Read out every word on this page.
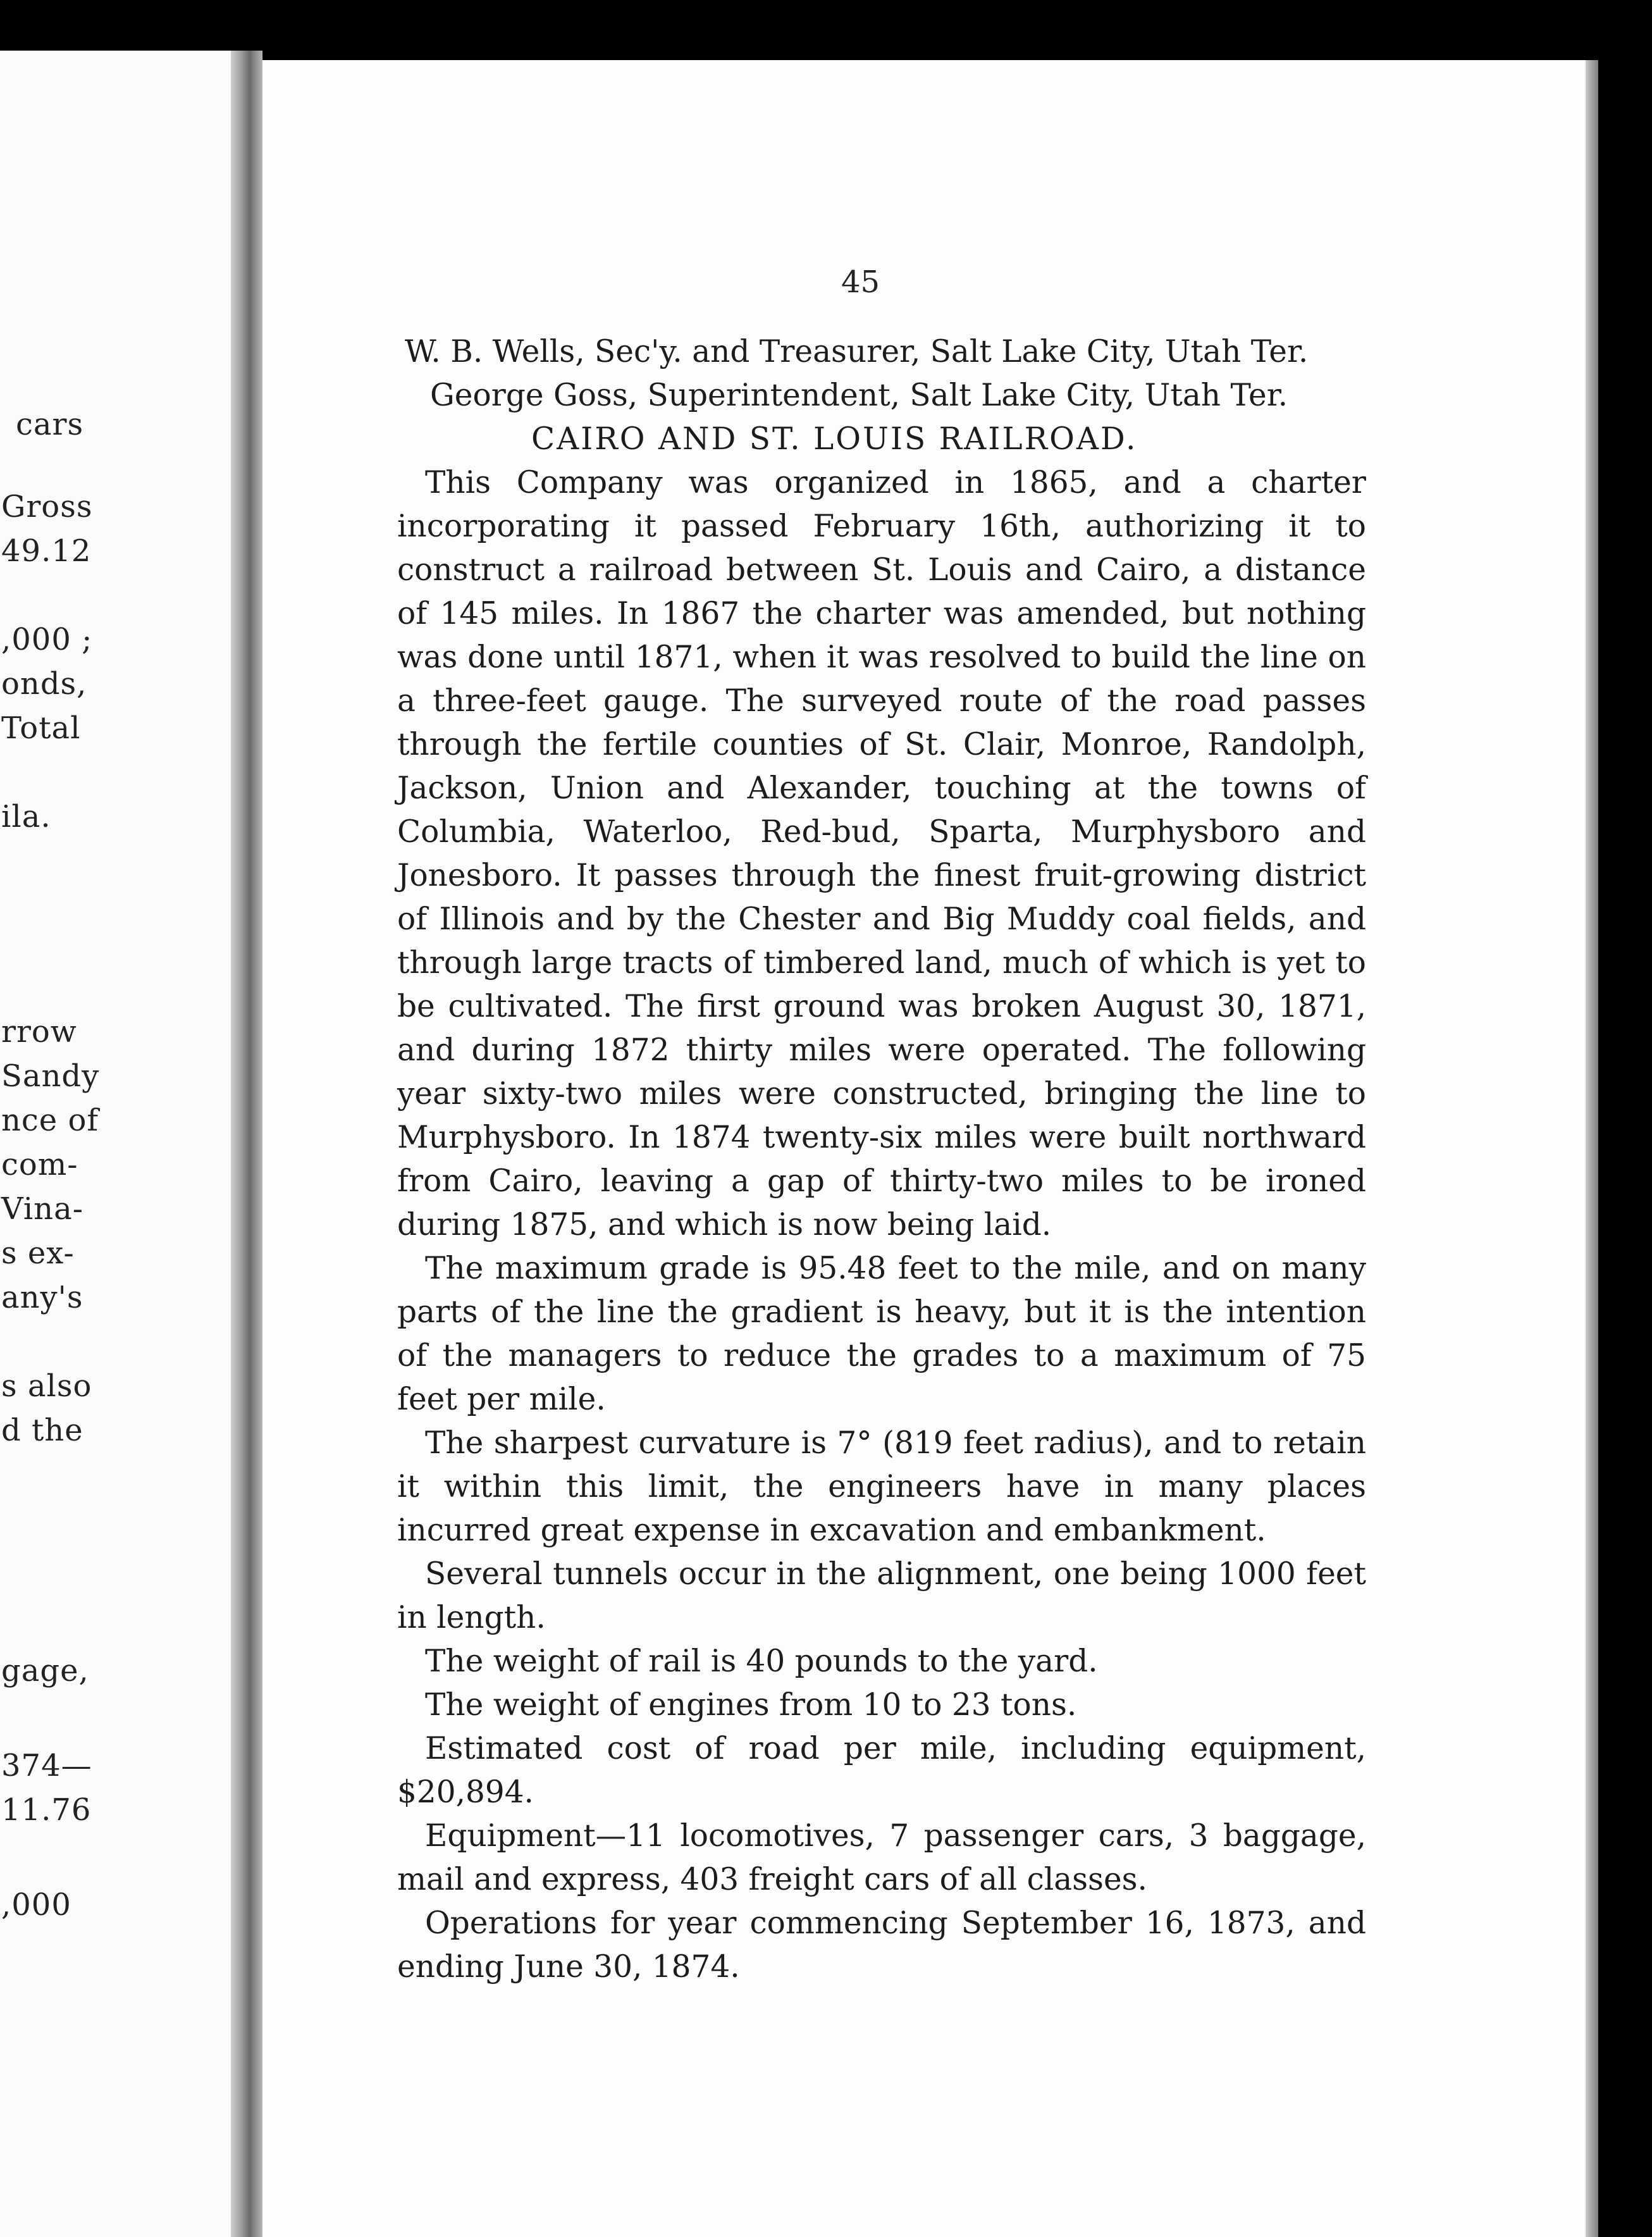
cars
Gross
49.12
,000 ;
onds,
Total
ila.
rrow
Sandy
nce of
com-
Vina-
s ex-
any's
s also
d the
gage,
374—
11.76
,000
45

W. B. Wells, Sec'y. and Treasurer, Salt Lake City, Utah Ter.

George Goss, Superintendent, Salt Lake City, Utah Ter.

CAIRO AND ST. LOUIS RAILROAD.

This Company was organized in 1865, and a charter incorporating it passed February 16th, authorizing it to construct a railroad between St. Louis and Cairo, a distance of 145 miles. In 1867 the charter was amended, but nothing was done until 1871, when it was resolved to build the line on a three-feet gauge. The surveyed route of the road passes through the fertile counties of St. Clair, Monroe, Randolph, Jackson, Union and Alexander, touching at the towns of Columbia, Waterloo, Red-bud, Sparta, Murphysboro and Jonesboro. It passes through the finest fruit-growing district of Illinois and by the Chester and Big Muddy coal fields, and through large tracts of timbered land, much of which is yet to be cultivated. The first ground was broken August 30, 1871, and during 1872 thirty miles were operated. The following year sixty-two miles were constructed, bringing the line to Murphysboro. In 1874 twenty-six miles were built northward from Cairo, leaving a gap of thirty-two miles to be ironed during 1875, and which is now being laid.

The maximum grade is 95.48 feet to the mile, and on many parts of the line the gradient is heavy, but it is the intention of the managers to reduce the grades to a maximum of 75 feet per mile.

The sharpest curvature is 7° (819 feet radius), and to retain it within this limit, the engineers have in many places incurred great expense in excavation and embankment.

Several tunnels occur in the alignment, one being 1000 feet in length.

The weight of rail is 40 pounds to the yard.

The weight of engines from 10 to 23 tons.

Estimated cost of road per mile, including equipment, $20,894.

Equipment—11 locomotives, 7 passenger cars, 3 baggage, mail and express, 403 freight cars of all classes.

Operations for year commencing September 16, 1873, and ending June 30, 1874.
